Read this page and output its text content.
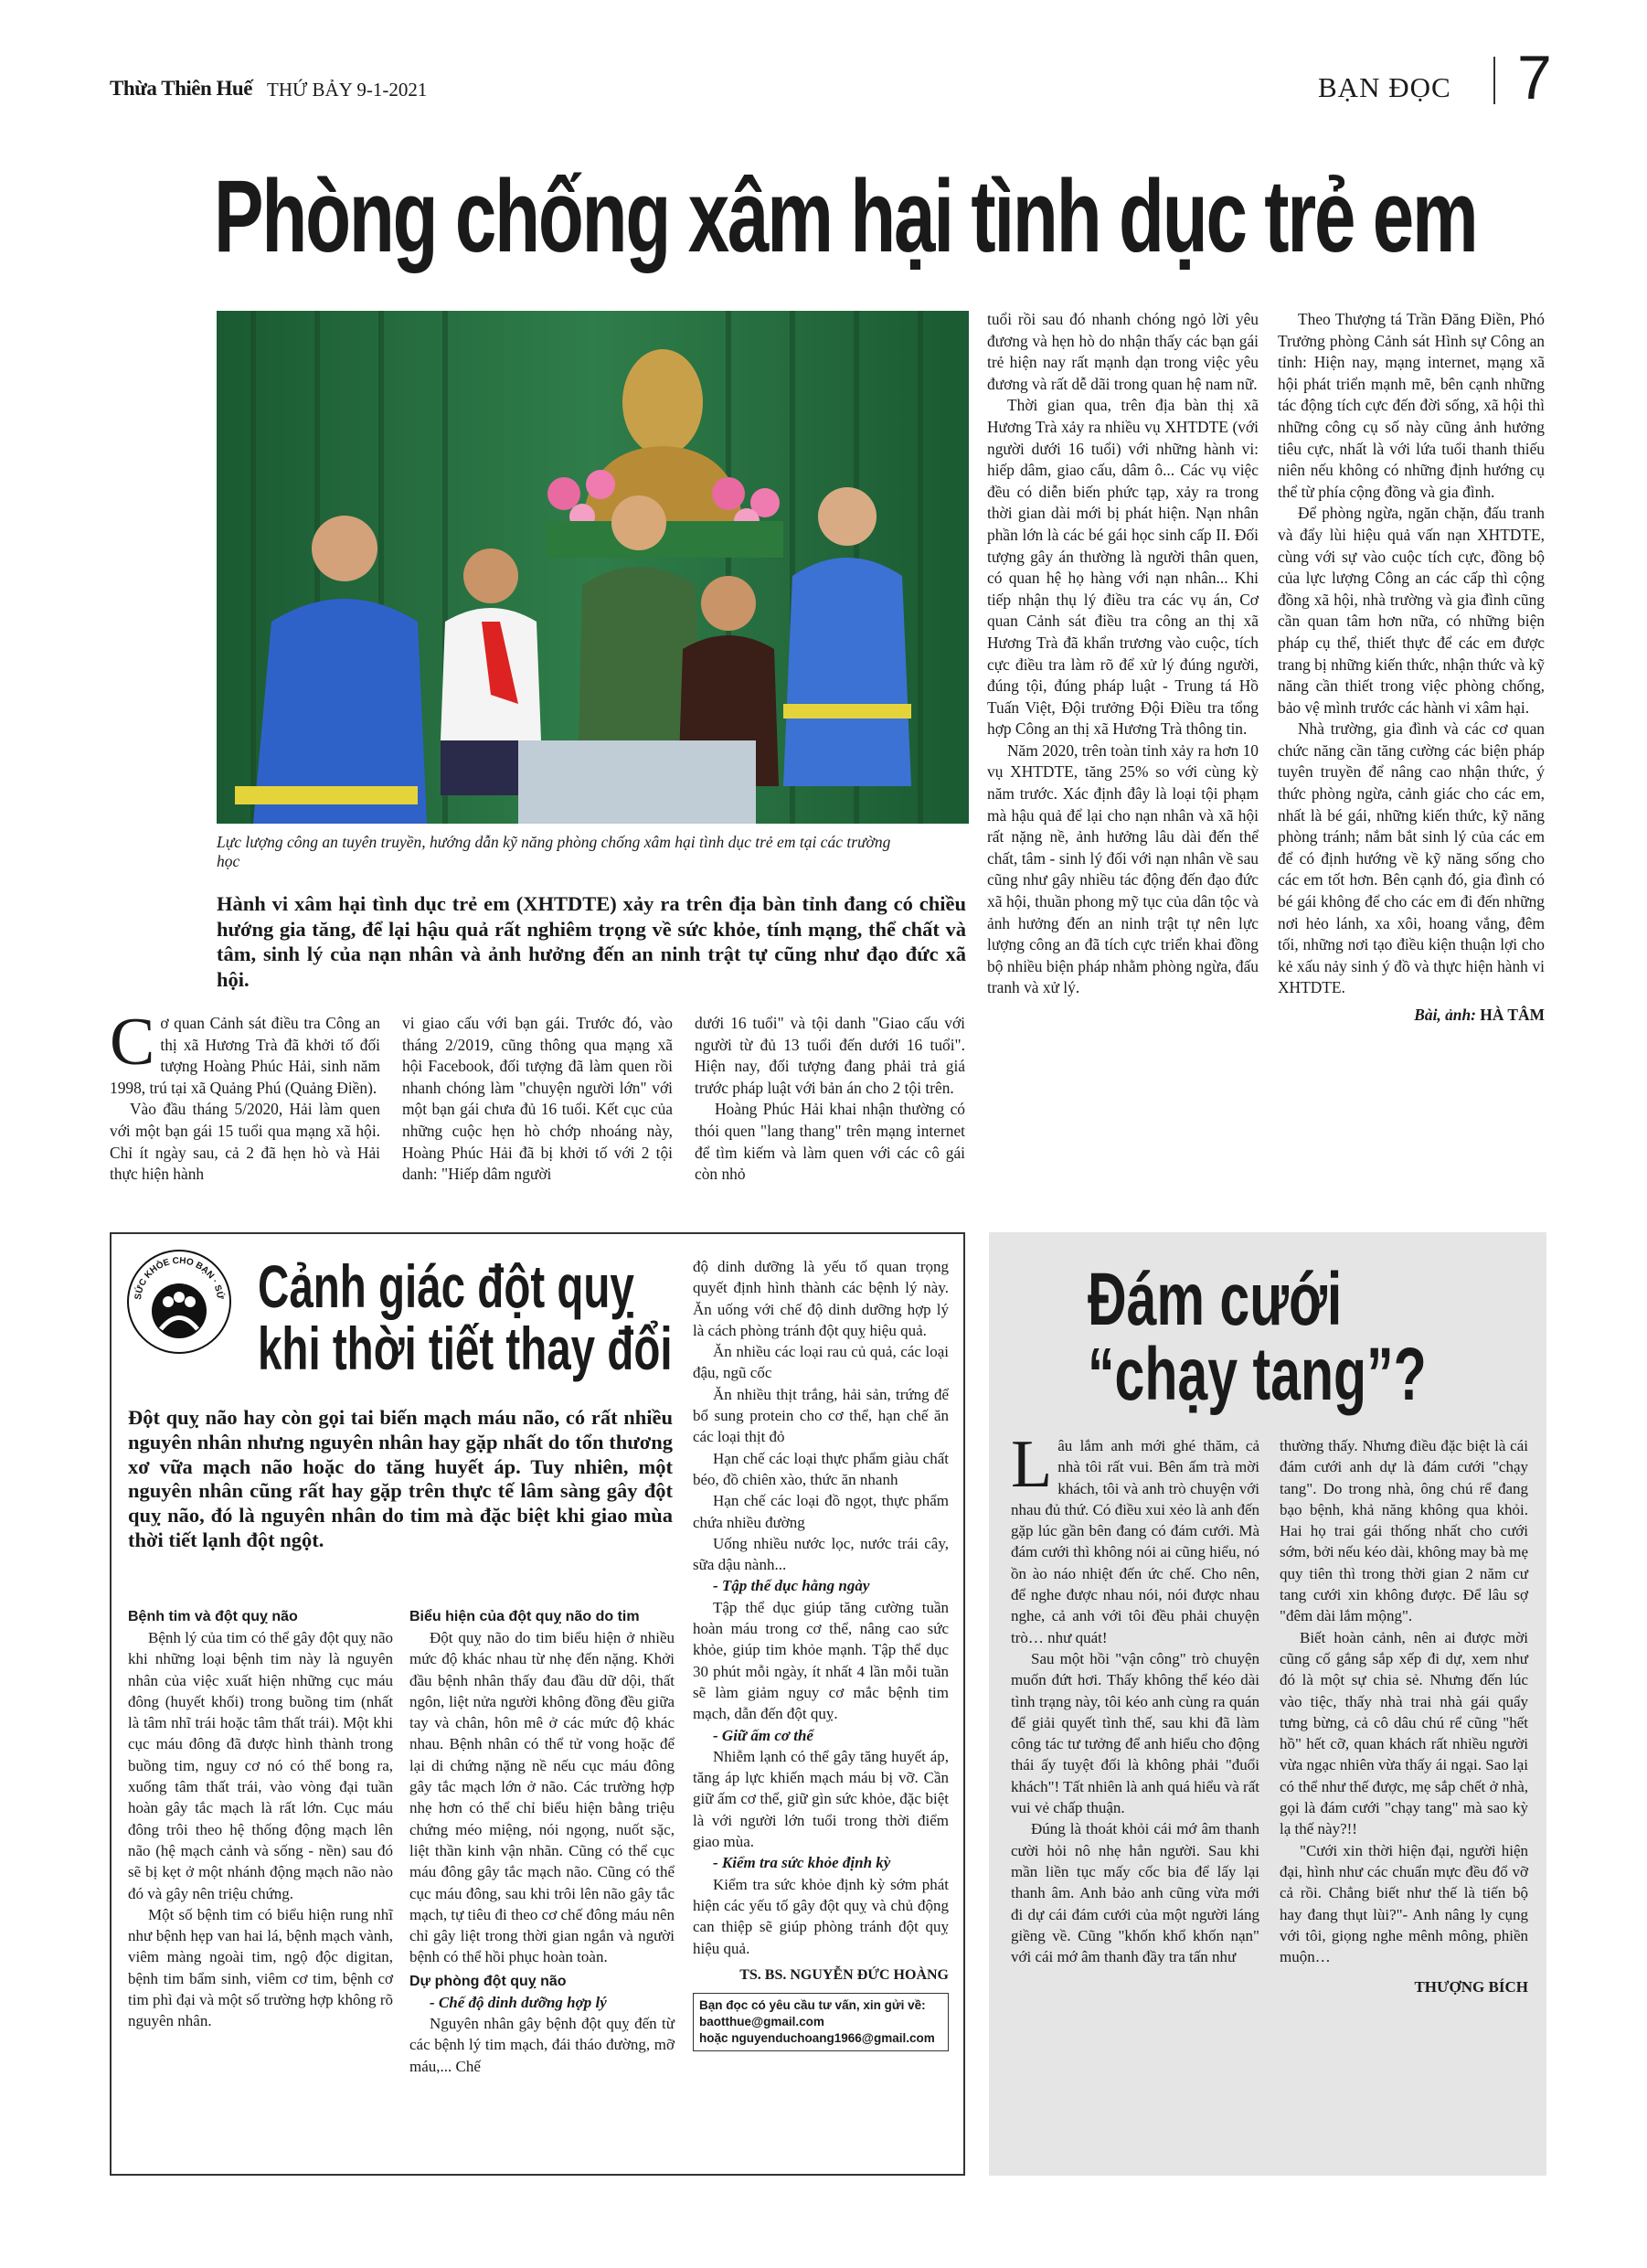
Thừa Thiên Huế THỨ BẢY 9-1-2021	BẠN ĐỌC 7
Phòng chống xâm hại tình dục trẻ em
Lực lượng công an tuyên truyền, hướng dẫn kỹ năng phòng chống xâm hại tình dục trẻ em tại các trường học
Hành vi xâm hại tình dục trẻ em (XHTDTE) xảy ra trên địa bàn tỉnh đang có chiều hướng gia tăng, để lại hậu quả rất nghiêm trọng về sức khỏe, tính mạng, thể chất và tâm, sinh lý của nạn nhân và ảnh hưởng đến an ninh trật tự cũng như đạo đức xã hội.

Cơ quan Cảnh sát điều tra Công an thị xã Hương Trà đã khởi tố đối tượng Hoàng Phúc Hải, sinh năm 1998, trú tại xã Quảng Phú (Quảng Điền).

Vào đầu tháng 5/2020, Hải làm quen với một bạn gái 15 tuổi qua mạng xã hội. Chỉ ít ngày sau, cả 2 đã hẹn hò và Hải thực hiện hành

vi giao cấu với bạn gái. Trước đó, vào tháng 2/2019, cũng thông qua mạng xã hội Facebook, đối tượng đã làm quen rồi nhanh chóng làm "chuyện người lớn" với một bạn gái chưa đủ 16 tuổi. Kết cục của những cuộc hẹn hò chớp nhoáng này, Hoàng Phúc Hải đã bị khởi tố với 2 tội danh: "Hiếp dâm người

dưới 16 tuổi" và tội danh "Giao cấu với người từ đủ 13 tuổi đến dưới 16 tuổi". Hiện nay, đối tượng đang phải trả giá trước pháp luật với bản án cho 2 tội trên.

Hoàng Phúc Hải khai nhận thường có thói quen "lang thang" trên mạng internet để tìm kiếm và làm quen với các cô gái còn nhỏ

tuổi rồi sau đó nhanh chóng ngỏ lời yêu đương và hẹn hò do nhận thấy các bạn gái trẻ hiện nay rất mạnh dạn trong việc yêu đương và rất dễ dãi trong quan hệ nam nữ.

Thời gian qua, trên địa bàn thị xã Hương Trà xảy ra nhiều vụ XHTDTE (với người dưới 16 tuổi) với những hành vi: hiếp dâm, giao cấu, dâm ô... Các vụ việc đều có diễn biến phức tạp, xảy ra trong thời gian dài mới bị phát hiện. Nạn nhân phần lớn là các bé gái học sinh cấp II. Đối tượng gây án thường là người thân quen, có quan hệ họ hàng với nạn nhân... Khi tiếp nhận thụ lý điều tra các vụ án, Cơ quan Cảnh sát điều tra công an thị xã Hương Trà đã khẩn trương vào cuộc, tích cực điều tra làm rõ để xử lý đúng người, đúng tội, đúng pháp luật - Trung tá Hồ Tuấn Việt, Đội trưởng Đội Điều tra tổng hợp Công an thị xã Hương Trà thông tin.

Năm 2020, trên toàn tỉnh xảy ra hơn 10 vụ XHTDTE, tăng 25% so với cùng kỳ năm trước. Xác định đây là loại tội phạm mà hậu quả để lại cho nạn nhân và xã hội rất nặng nề, ảnh hưởng lâu dài đến thể chất, tâm - sinh lý đối với nạn nhân về sau cũng như gây nhiều tác động đến đạo đức xã hội, thuần phong mỹ tục của dân tộc và ảnh hưởng đến an ninh trật tự nên lực lượng công an đã tích cực triển khai đồng bộ nhiều biện pháp nhằm phòng ngừa, đấu tranh và xử lý.

Theo Thượng tá Trần Đăng Điền, Phó Trưởng phòng Cảnh sát Hình sự Công an tỉnh: Hiện nay, mạng internet, mạng xã hội phát triển mạnh mẽ, bên cạnh những tác động tích cực đến đời sống, xã hội thì những công cụ số này cũng ảnh hưởng tiêu cực, nhất là với lứa tuổi thanh thiếu niên nếu không có những định hướng cụ thể từ phía cộng đồng và gia đình.

Để phòng ngừa, ngăn chặn, đấu tranh và đẩy lùi hiệu quả vấn nạn XHTDTE, cùng với sự vào cuộc tích cực, đồng bộ của lực lượng Công an các cấp thì cộng đồng xã hội, nhà trường và gia đình cũng cần quan tâm hơn nữa, có những biện pháp cụ thể, thiết thực để các em được trang bị những kiến thức, nhận thức và kỹ năng cần thiết trong việc phòng chống, bảo vệ mình trước các hành vi xâm hại.

Nhà trường, gia đình và các cơ quan chức năng cần tăng cường các biện pháp tuyên truyền để nâng cao nhận thức, ý thức phòng ngừa, cảnh giác cho các em, nhất là bé gái, những kiến thức, kỹ năng phòng tránh; nắm bắt sinh lý của các em để có định hướng về kỹ năng sống cho các em tốt hơn. Bên cạnh đó, gia đình có bé gái không để cho các em đi đến những nơi hẻo lánh, xa xôi, hoang vắng, đêm tối, những nơi tạo điều kiện thuận lợi cho kẻ xấu nảy sinh ý đồ và thực hiện hành vi XHTDTE.

Bài, ảnh: HÀ TÂM

SỨC KHỎE CHO BẠN · SỨ Cảnh giác đột quỵ
khi thời tiết thay đổi

độ dinh dưỡng là yếu tố quan trọng quyết định hình thành các bệnh lý này. Ăn uống với chế độ dinh dưỡng hợp lý là cách phòng tránh đột quỵ hiệu quả.

Ăn nhiều các loại rau củ quả, các loại đậu, ngũ cốc

Ăn nhiều thịt trắng, hải sản, trứng để bổ sung protein cho cơ thể, hạn chế ăn các loại thịt đỏ

Hạn chế các loại thực phẩm giàu chất béo, đồ chiên xào, thức ăn nhanh

Hạn chế các loại đồ ngọt, thực phẩm chứa nhiều đường

Uống nhiều nước lọc, nước trái cây, sữa dậu nành...

- Tập thể dục hằng ngày

Tập thể dục giúp tăng cường tuần hoàn máu trong cơ thể, nâng cao sức khỏe, giúp tim khỏe mạnh. Tập thể dục 30 phút mỗi ngày, ít nhất 4 lần mỗi tuần sẽ làm giảm nguy cơ mắc bệnh tim mạch, dẫn đến đột quỵ.

- Giữ ấm cơ thể

Nhiễm lạnh có thể gây tăng huyết áp, tăng áp lực khiến mạch máu bị vỡ. Cần giữ ấm cơ thể, giữ gìn sức khỏe, đặc biệt là với người lớn tuổi trong thời điểm giao mùa.

- Kiểm tra sức khỏe định kỳ

Kiểm tra sức khỏe định kỳ sớm phát hiện các yếu tố gây đột quỵ và chủ động can thiệp sẽ giúp phòng tránh đột quỵ hiệu quả.

TS. BS. NGUYỄN ĐỨC HOÀNG

Bạn đọc có yêu cầu tư vấn, xin gửi về:
baotthue@gmail.com
hoặc nguyenduchoang1966@gmail.com
Đột quỵ não hay còn gọi tai biến mạch máu não, có rất nhiều nguyên nhân nhưng nguyên nhân hay gặp nhất do tổn thương xơ vữa mạch não hoặc do tăng huyết áp. Tuy nhiên, một nguyên nhân cũng rất hay gặp trên thực tế lâm sàng gây đột quỵ não, đó là nguyên nhân do tim mà đặc biệt khi giao mùa thời tiết lạnh đột ngột.

Bệnh tim và đột quỵ não

Bệnh lý của tim có thể gây đột quỵ não khi những loại bệnh tim này là nguyên nhân của việc xuất hiện những cục máu đông (huyết khối) trong buồng tim (nhất là tâm nhĩ trái hoặc tâm thất trái). Một khi cục máu đông đã được hình thành trong buồng tim, nguy cơ nó có thể bong ra, xuống tâm thất trái, vào vòng đại tuần hoàn gây tắc mạch là rất lớn. Cục máu đông trôi theo hệ thống động mạch lên não (hệ mạch cảnh và sống - nền) sau đó sẽ bị kẹt ở một nhánh động mạch não nào đó và gây nên triệu chứng.

Một số bệnh tim có biểu hiện rung nhĩ như bệnh hẹp van hai lá, bệnh mạch vành, viêm màng ngoài tim, ngộ độc digitan, bệnh tim bẩm sinh, viêm cơ tim, bệnh cơ tim phì đại và một số trường hợp không rõ nguyên nhân.

Biểu hiện của đột quỵ não do tim

Đột quỵ não do tim biểu hiện ở nhiều mức độ khác nhau từ nhẹ đến nặng. Khởi đầu bệnh nhân thấy đau đầu dữ dội, thất ngôn, liệt nửa người không đồng đều giữa tay và chân, hôn mê ở các mức độ khác nhau. Bệnh nhân có thể tử vong hoặc để lại di chứng nặng nề nếu cục máu đông gây tắc mạch lớn ở não. Các trường hợp nhẹ hơn có thể chỉ biểu hiện bằng triệu chứng méo miệng, nói ngọng, nuốt sặc, liệt thần kinh vận nhãn. Cũng có thể cục máu đông gây tắc mạch não. Cũng có thể cục máu đông, sau khi trôi lên não gây tắc mạch, tự tiêu đi theo cơ chế đông máu nên chỉ gây liệt trong thời gian ngắn và người bệnh có thể hồi phục hoàn toàn.

Dự phòng đột quỵ não

- Chế độ dinh dưỡng hợp lý

Nguyên nhân gây bệnh đột quỵ đến từ các bệnh lý tim mạch, đái tháo đường, mỡ máu,... Chế

Đám cưới
“chạy tang”?

Lâu lắm anh mới ghé thăm, cả nhà tôi rất vui. Bên ấm trà mời khách, tôi và anh trò chuyện với nhau đủ thứ. Có điều xui xẻo là anh đến gặp lúc gần bên đang có đám cưới. Mà đám cưới thì không nói ai cũng hiểu, nó ồn ào náo nhiệt đến ức chế. Cho nên, để nghe được nhau nói, nói được nhau nghe, cả anh với tôi đều phải chuyện trò… như quát!

Sau một hồi "vận công" trò chuyện muốn đứt hơi. Thấy không thể kéo dài tình trạng này, tôi kéo anh cùng ra quán để giải quyết tình thế, sau khi đã làm công tác tư tưởng để anh hiểu cho động thái ấy tuyệt đối là không phải "đuổi khách"! Tất nhiên là anh quá hiểu và rất vui vẻ chấp thuận.

Đúng là thoát khỏi cái mớ âm thanh cười hỏi nô nhẹ hẳn người. Sau khi mần liền tục mấy cốc bia để lấy lại thanh âm. Anh bảo anh cũng vừa mới đi dự cái đám cưới của một người láng giềng về. Cũng "khốn khổ khốn nạn" với cái mớ âm thanh đầy tra tấn như

thường thấy. Nhưng điều đặc biệt là cái đám cưới anh dự là đám cưới "chạy tang". Do trong nhà, ông chú rể đang bạo bệnh, khả năng không qua khỏi. Hai họ trai gái thống nhất cho cưới sớm, bởi nếu kéo dài, không may bà mẹ quy tiên thì trong thời gian 2 năm cư tang cưới xin không được. Để lâu sợ "đêm dài lắm mộng".

Biết hoàn cảnh, nên ai được mời cũng cố gắng sắp xếp đi dự, xem như đó là một sự chia sẻ. Nhưng đến lúc vào tiệc, thấy nhà trai nhà gái quẩy tưng bừng, cả cô dâu chú rể cũng "hết hồ" hết cỡ, quan khách rất nhiều người vừa ngạc nhiên vừa thấy ái ngại. Sao lại có thể như thế được, mẹ sắp chết ở nhà, gọi là đám cưới "chạy tang" mà sao kỳ lạ thế này?!!

"Cưới xin thời hiện đại, người hiện đại, hình như các chuẩn mực đều đổ vỡ cả rồi. Chẳng biết như thế là tiến bộ hay đang thụt lùi?"- Anh nâng ly cụng với tôi, giọng nghe mênh mông, phiền muộn…

THƯỢNG BÍCH
